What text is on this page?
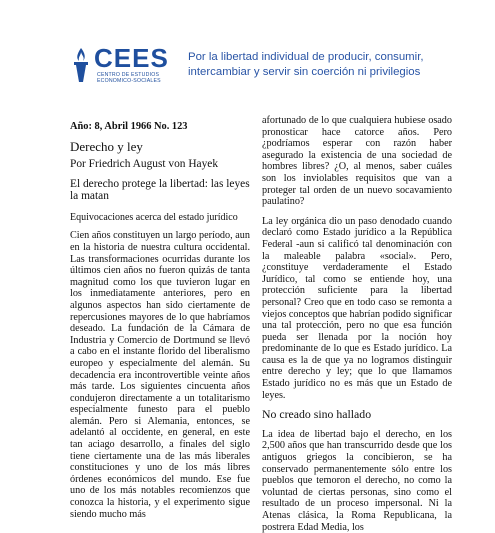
CEES
CENTRO DE ESTUDIOS
ECONOMICO-SOCIALES
Por la libertad individual de producir, consumir,
intercambiar y servir sin coerción ni privilegios
Año: 8, Abril 1966 No. 123
Derecho y ley
Por Friedrich August von Hayek
El derecho protege la libertad: las leyes la matan
Equivocaciones acerca del estado jurídico

Cien años constituyen un largo período, aun en la historia de nuestra cultura occidental. Las transformaciones ocurridas durante los últimos cien años no fueron quizás de tanta magnitud como los que tuvieron lugar en los inmediatamente anteriores, pero en algunos aspectos han sido ciertamente de repercusiones mayores de lo que habríamos deseado. La fundación de la Cámara de Industria y Comercio de Dortmund se llevó a cabo en el instante florido del liberalismo europeo y especialmente del alemán. Su decadencia era incontrovertible veinte años más tarde. Los siguientes cincuenta años condujeron directamente a un totalitarismo especialmente funesto para el pueblo alemán. Pero si Alemania, entonces, se adelantó al occidente, en general, en este tan aciago desarrollo, a finales del siglo tiene ciertamente una de las más liberales constituciones y uno de los más libres órdenes económicos del mundo. Ese fue uno de los más notables recomienzos que conozca la historia, y el experimento sigue siendo mucho más

afortunado de lo que cualquiera hubiese osado pronosticar hace catorce años. Pero ¿podríamos esperar con razón haber asegurado la existencia de una sociedad de hombres libres? ¿O, al menos, saber cuáles son los inviolables requisitos que van a proteger tal orden de un nuevo socavamiento paulatino?

La ley orgánica dio un paso denodado cuando declaró como Estado jurídico a la República Federal -aun si calificó tal denominación con la maleable palabra «social». Pero, ¿constituye verdaderamente el Estado Jurídico, tal como se entiende hoy, una protección suficiente para la libertad personal? Creo que en todo caso se remonta a viejos conceptos que habrían podido significar una tal protección, pero no que esa función pueda ser llenada por la noción hoy predominante de lo que es Estado jurídico. La causa es la de que ya no logramos distinguir entre derecho y ley; que lo que llamamos Estado jurídico no es más que un Estado de leyes.

No creado sino hallado

La idea de libertad bajo el derecho, en los 2,500 años que han transcurrido desde que los antiguos griegos la concibieron, se ha conservado permanentemente sólo entre los pueblos que temoron el derecho, no como la voluntad de ciertas personas, sino como el resultado de un proceso impersonal. Ni la Atenas clásica, la Roma Republicana, la postrera Edad Media, los
